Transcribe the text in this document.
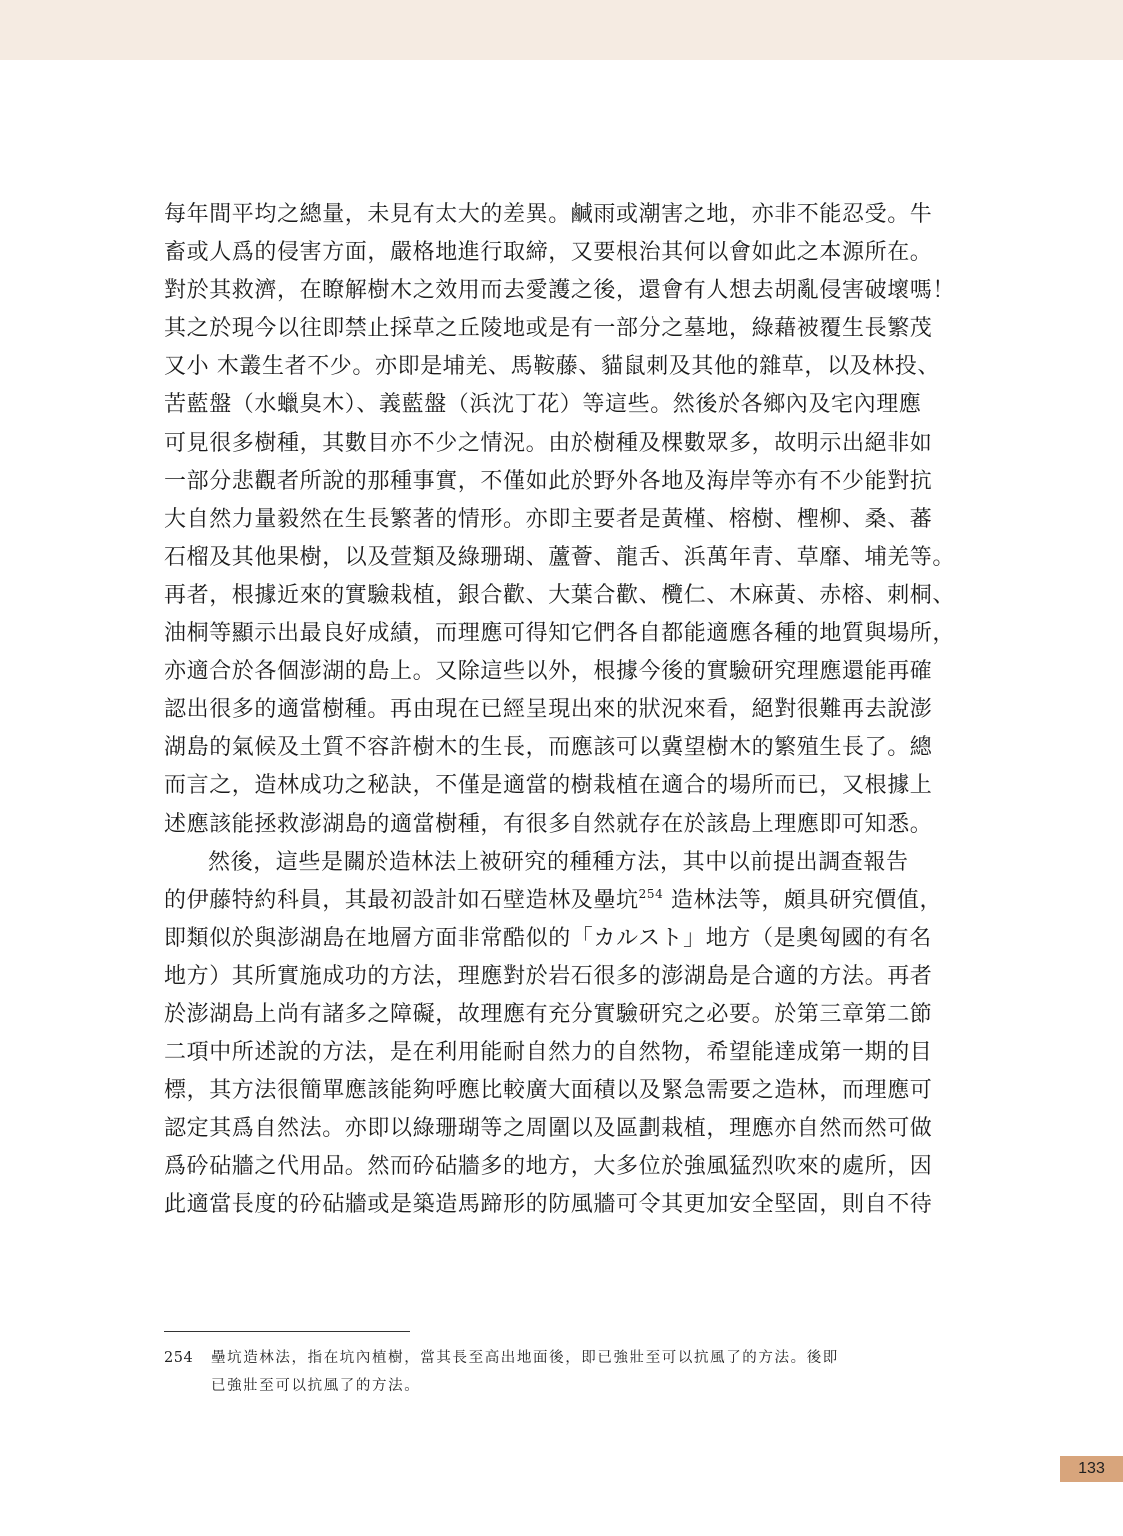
每年間平均之總量，未見有太大的差異。鹹雨或潮害之地，亦非不能忍受。牛
畜或人爲的侵害方面，嚴格地進行取締，又要根治其何以會如此之本源所在。
對於其救濟，在瞭解樹木之效用而去愛護之後，還會有人想去胡亂侵害破壞嗎！
其之於現今以往即禁止採草之丘陵地或是有一部分之墓地，綠藉被覆生長繁茂
又小 木叢生者不少。亦即是埔羌、馬鞍藤、貓鼠刺及其他的雜草，以及林投、
苦藍盤（水蠟臭木）、義藍盤（浜沈丁花）等這些。然後於各鄉內及宅內理應
可見很多樹種，其數目亦不少之情況。由於樹種及棵數眾多，故明示出絕非如
一部分悲觀者所說的那種事實，不僅如此於野外各地及海岸等亦有不少能對抗
大自然力量毅然在生長繁著的情形。亦即主要者是黃槿、榕樹、檉柳、桑、蕃
石榴及其他果樹，以及萱類及綠珊瑚、蘆薈、龍舌、浜萬年青、草靡、埔羌等。
再者，根據近來的實驗栽植，銀合歡、大葉合歡、欖仁、木麻黃、赤榕、刺桐、
油桐等顯示出最良好成績，而理應可得知它們各自都能適應各種的地質與場所，
亦適合於各個澎湖的島上。又除這些以外，根據今後的實驗研究理應還能再確
認出很多的適當樹種。再由現在已經呈現出來的狀況來看，絕對很難再去說澎
湖島的氣候及土質不容許樹木的生長，而應該可以冀望樹木的繁殖生長了。總
而言之，造林成功之秘訣，不僅是適當的樹栽植在適合的場所而已，又根據上
述應該能拯救澎湖島的適當樹種，有很多自然就存在於該島上理應即可知悉。
然後，這些是關於造林法上被研究的種種方法，其中以前提出調查報告
的伊藤特約科員，其最初設計如石壁造林及壘坑$^{254}$ 造林法等，頗具研究價值，
即類似於與澎湖島在地層方面非常酷似的「カルスト」地方（是奧匈國的有名
地方）其所實施成功的方法，理應對於岩石很多的澎湖島是合適的方法。再者
於澎湖島上尚有諸多之障礙，故理應有充分實驗研究之必要。於第三章第二節
二項中所述說的方法，是在利用能耐自然力的自然物，希望能達成第一期的目
標，其方法很簡單應該能夠呼應比較廣大面積以及緊急需要之造林，而理應可
認定其爲自然法。亦即以綠珊瑚等之周圍以及區劃栽植，理應亦自然而然可做
爲砛砧牆之代用品。然而砛砧牆多的地方，大多位於強風猛烈吹來的處所，因
此適當長度的砛砧牆或是築造馬蹄形的防風牆可令其更加安全堅固，則自不待
254	壘坑造林法，指在坑內植樹，當其長至高出地面後，即已強壯至可以抗風了的方法。後即
已強壯至可以抗風了的方法。
133
